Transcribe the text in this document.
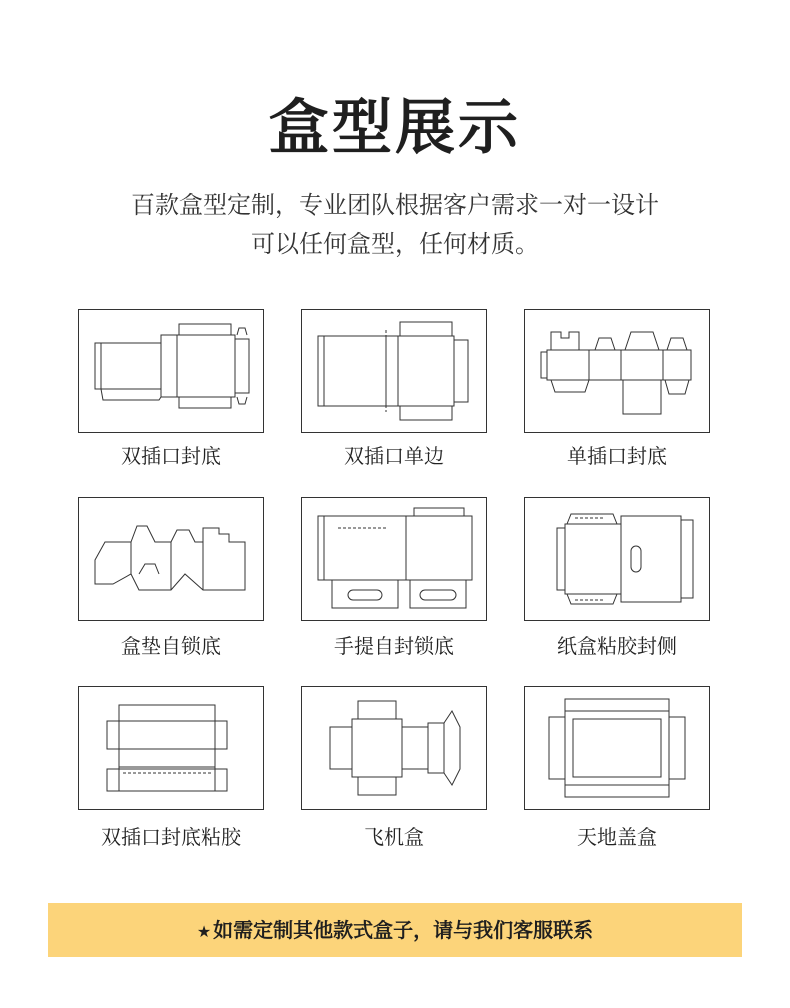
盒型展示
百款盒型定制，专业团队根据客户需求一对一设计
可以任何盒型，任何材质。
双插口封底	双插口单边	单插口封底
盒垫自锁底	手提自封锁底	纸盒粘胶封侧
双插口封底粘胶	飞机盒	天地盖盒
★ 如需定制其他款式盒子，请与我们客服联系
